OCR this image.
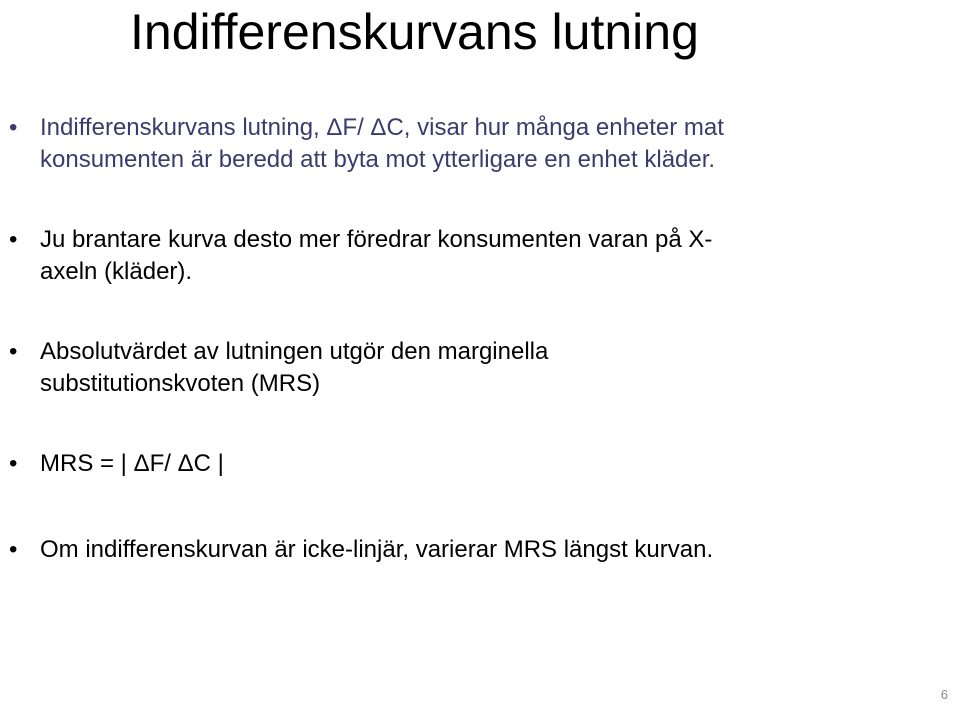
Indifferenskurvans lutning
• Indifferenskurvans lutning, ΔF/ ΔC, visar hur många enheter mat
konsumenten är beredd att byta mot ytterligare en enhet kläder.
• Ju brantare kurva desto mer föredrar konsumenten varan på X-
axeln (kläder).
• Absolutvärdet av lutningen utgör den marginella
substitutionskvoten (MRS)
• MRS = | ΔF/ ΔC |
• Om indifferenskurvan är icke-linjär, varierar MRS längst kurvan.
6
